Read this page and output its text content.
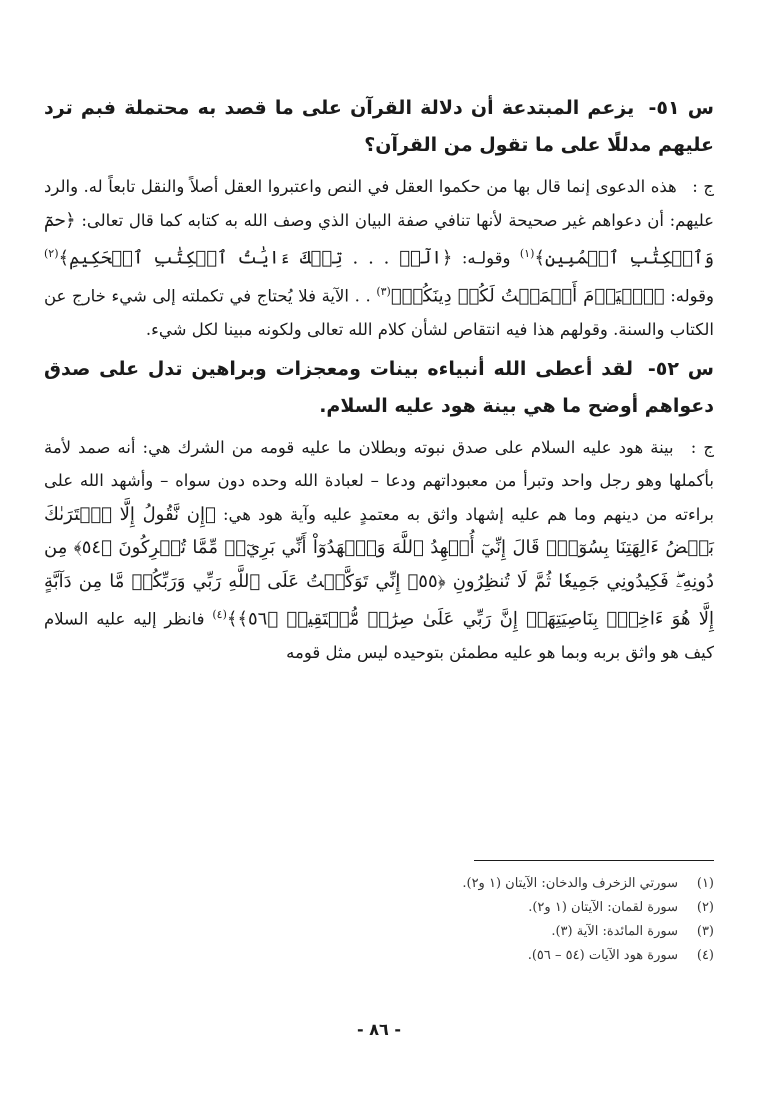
س ٥١- يزعم المبتدعة أن دلالة القرآن على ما قصد به محتملة فبم ترد عليهم مدللًا على ما تقول من القرآن؟

ج : هذه الدعوى إنما قال بها من حكموا العقل في النص واعتبروا العقل أصلاً والنقل تابعاً له. والرد عليهم: أن دعواهم غير صحيحة لأنها تنافي صفة البيان الذي وصف الله به كتابه كما قال تعالى: ﴿حمٓ وَٱلۡكِتَٰبِ ٱلۡمُبِينِ﴾$^{(١)}$ وقولـه: ﴿الٓرۚ . . . تِلۡكَ ءَايَٰتُ ٱلۡكِتَٰبِ ٱلۡحَكِيمِ﴾$^{(٢)}$ وقوله: ﴿ٱلۡيَوۡمَ أَكۡمَلۡتُ لَكُمۡ دِينَكُمۡ﴾$^{(٣)}$ . . الآية فلا يُحتاج في تكملته إلى شيء خارج عن الكتاب والسنة. وقولهم هذا فيه انتقاص لشأن كلام الله تعالى ولكونه مبينا لكل شيء.

س ٥٢- لقد أعطى الله أنبياءه بينات ومعجزات وبراهين تدل على صدق دعواهم أوضح ما هي بينة هود عليه السلام.

ج : بينة هود عليه السلام على صدق نبوته وبطلان ما عليه قومه من الشرك هي: أنه صمد لأمة بأكملها وهو رجل واحد وتبرأ من معبوداتهم ودعا – لعبادة الله وحده دون سواه – وأشهد الله على براءته من دينهم وما هم عليه إشهاد واثق به معتمدٍ عليه وآية هود هي: ﴿إِن نَّقُولُ إِلَّا ٱعۡتَرَىٰكَ بَعۡضُ ءَالِهَتِنَا بِسُوٓءٖۗ قَالَ إِنِّيٓ أُشۡهِدُ ٱللَّهَ وَٱشۡهَدُوٓاْ أَنِّي بَرِيٓءٞ مِّمَّا تُشۡرِكُونَ ﴿٥٤﴾ مِن دُونِهِۦۖ فَكِيدُونِي جَمِيعٗا ثُمَّ لَا تُنظِرُونِ ﴿٥٥﴾ إِنِّي تَوَكَّلۡتُ عَلَى ٱللَّهِ رَبِّي وَرَبِّكُمۚ مَّا مِن دَآبَّةٍ إِلَّا هُوَ ءَاخِذُۢ بِنَاصِيَتِهَآۚ إِنَّ رَبِّي عَلَىٰ صِرَٰطٖ مُّسۡتَقِيمٖ ﴿٥٦﴾﴾$^{(٤)}$ فانظر إليه عليه السلام كيف هو واثق بربه وبما هو عليه مطمئن بتوحيده ليس مثل قومه

(١)سورتي الزخرف والدخان: الآيتان (١ و٢).
(٢)سورة لقمان: الآيتان (١ و٢).
(٣)سورة المائدة: الآية (٣).
(٤)سورة هود الآيات (٥٤ – ٥٦).
- ٨٦ -
